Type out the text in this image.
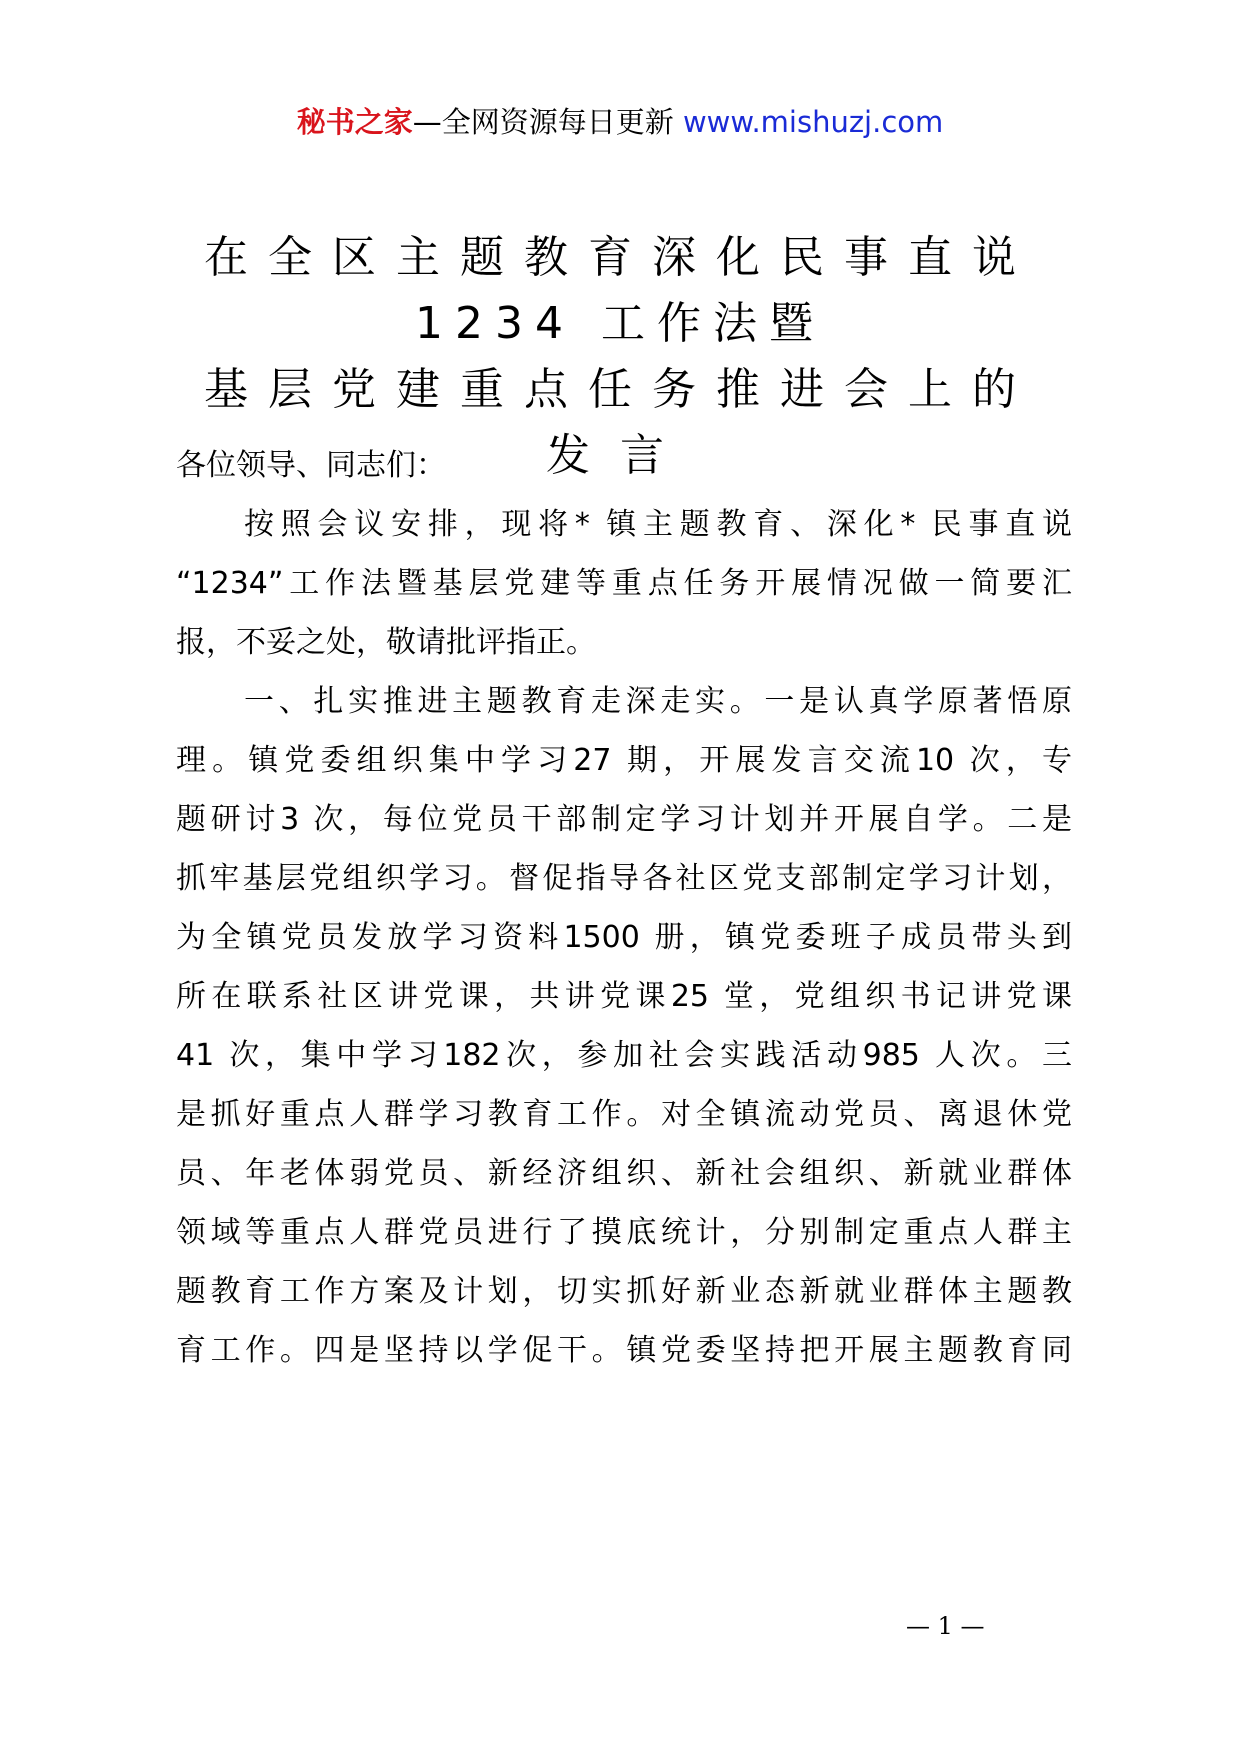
秘书之家—全网资源每日更新 www.mishuzj.com
在全区主题教育深化民事直说
1234 工作法暨
基层党建重点任务推进会上的
发言
各位领导、同志们：
按照会议安排，现将* 镇主题教育、深化* 民事直说
“1234”工作法暨基层党建等重点任务开展情况做一简要汇
报，不妥之处，敬请批评指正。
一、扎实推进主题教育走深走实。一是认真学原著悟原
理。镇党委组织集中学习27 期，开展发言交流10 次，专
题研讨3 次，每位党员干部制定学习计划并开展自学。二是
抓牢基层党组织学习。督促指导各社区党支部制定学习计划，
为全镇党员发放学习资料1500 册，镇党委班子成员带头到
所在联系社区讲党课，共讲党课25 堂，党组织书记讲党课
41 次，集中学习182次，参加社会实践活动985 人次。三
是抓好重点人群学习教育工作。对全镇流动党员、离退休党
员、年老体弱党员、新经济组织、新社会组织、新就业群体
领域等重点人群党员进行了摸底统计，分别制定重点人群主
题教育工作方案及计划，切实抓好新业态新就业群体主题教
育工作。四是坚持以学促干。镇党委坚持把开展主题教育同
— 1 —
